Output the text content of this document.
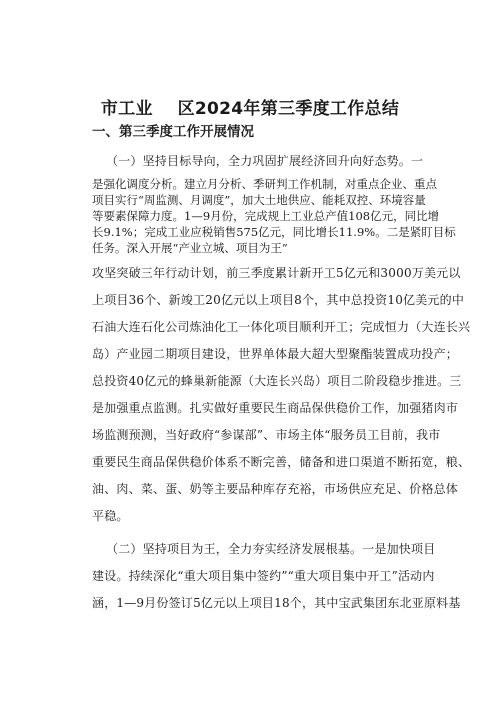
市工业    区2024年第三季度工作总结
一、第三季度工作开展情况
（一）坚持目标导向，全力巩固扩展经济回升向好态势。一
是强化调度分析。建立月分析、季研判工作机制，对重点企业、重点
项目实行“周监测、月调度”，加大土地供应、能耗双控、环境容量
等要素保障力度。1—9月份，完成规上工业总产值108亿元，同比增
长9.1%；完成工业应税销售575亿元，同比增长11.9%。二是紧盯目标
任务。深入开展“产业立城、项目为王”
攻坚突破三年行动计划，前三季度累计新开工5亿元和3000万美元以
上项目36个、新竣工20亿元以上项目8个，其中总投资10亿美元的中
石油大连石化公司炼油化工一体化项目顺利开工；完成恒力（大连长兴
岛）产业园二期项目建设，世界单体最大超大型聚酯装置成功投产；
总投资40亿元的蜂巢新能源（大连长兴岛）项目二阶段稳步推进。三
是加强重点监测。扎实做好重要民生商品保供稳价工作，加强猪肉市
场监测预测，当好政府“参谋部”、市场主体“服务员工目前，我市
重要民生商品保供稳价体系不断完善，储备和进口渠道不断拓宽，粮、
油、肉、菜、蛋、奶等主要品种库存充裕，市场供应充足、价格总体
平稳。
（二）坚持项目为王，全力夯实经济发展根基。一是加快项目
建设。持续深化“重大项目集中签约”“重大项目集中开工”活动内
涵，1—9月份签订5亿元以上项目18个，其中宝武集团东北亚原料基
